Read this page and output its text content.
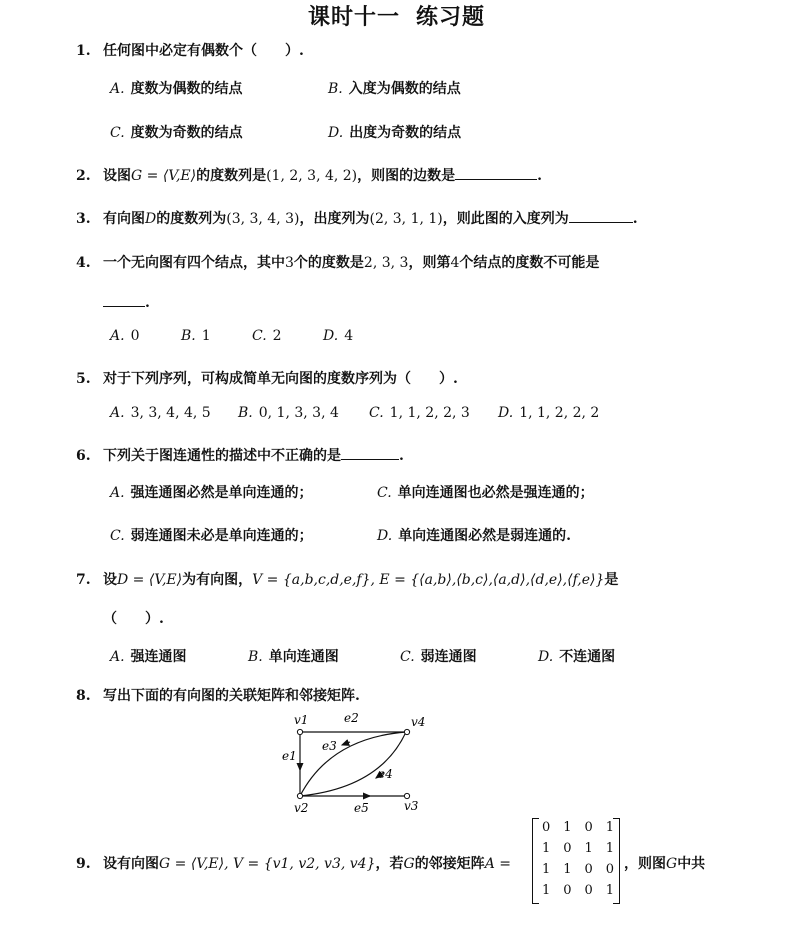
课时十一 练习题
1. 任何图中必定有偶数个（　　）.
A. 度数为偶数的结点	B. 入度为偶数的结点
C. 度数为奇数的结点	D. 出度为奇数的结点
2. 设图G = ⟨V,E⟩的度数列是(1, 2, 3, 4, 2)，则图的边数是	.
3. 有向图D的度数列为(3, 3, 4, 3)，出度列为(2, 3, 1, 1)，则此图的入度列为	.
4. 一个无向图有四个结点，其中3个的度数是2, 3, 3，则第4个结点的度数不可能是
.
A. 0	B. 1	C. 2	D. 4
5. 对于下列序列，可构成简单无向图的度数序列为（　　）.
A. 3, 3, 4, 4, 5 B. 0, 1, 3, 3, 4 C. 1, 1, 2, 2, 3 D. 1, 1, 2, 2, 2
6. 下列关于图连通性的描述中不正确的是	.
A. 强连通图必然是单向连通的；	C. 单向连通图也必然是强连通的；
C. 弱连通图未必是单向连通的；	D. 单向连通图必然是弱连通的.
7. 设D = ⟨V,E⟩为有向图，V = {a,b,c,d,e,f}, E = {⟨a,b⟩,⟨b,c⟩,⟨a,d⟩,⟨d,e⟩,⟨f,e⟩}是
（　　）.
A. 强连通图	B. 单向连通图	C. 弱连通图	D. 不连通图
8. 写出下面的有向图的关联矩阵和邻接矩阵.
v1	e2	v4
e3
e1
e4
v2	e5	v3
9. 设有向图G = ⟨V,E⟩, V = {v1, v2, v3, v4}，若G的邻接矩阵A =
0 1 0 1
1 0 1 1
1 1 0 0
1 0 0 1
，则图G中共
